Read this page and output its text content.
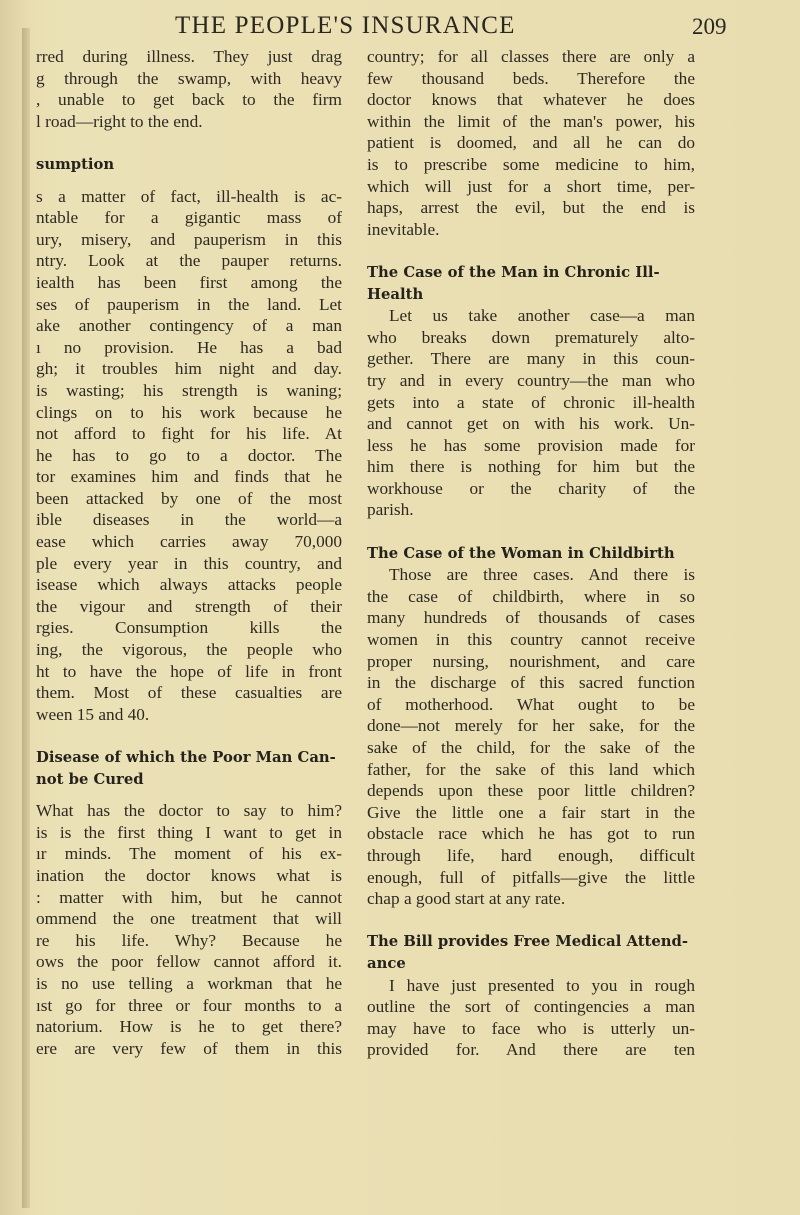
THE PEOPLE'S INSURANCE	209
rred during illness. They just drag
g through the swamp, with heavy
, unable to get back to the firm
l road—right to the end.
sumption
s a matter of fact, ill-health is ac-
ntable for a gigantic mass of
ury, misery, and pauperism in this
ntry. Look at the pauper returns.
iealth has been first among the
ses of pauperism in the land. Let
ake another contingency of a man
ı no provision. He has a bad
gh; it troubles him night and day.
is wasting; his strength is waning;
clings on to his work because he
not afford to fight for his life. At
he has to go to a doctor. The
tor examines him and finds that he
been attacked by one of the most
ible diseases in the world—a
ease which carries away 70,000
ple every year in this country, and
isease which always attacks people
the vigour and strength of their
rgies. Consumption kills the
ing, the vigorous, the people who
ht to have the hope of life in front
them. Most of these casualties are
ween 15 and 40.
Disease of which the Poor Man Can-
not be Cured
What has the doctor to say to him?
is is the first thing I want to get in
ır minds. The moment of his ex-
ination the doctor knows what is
: matter with him, but he cannot
ommend the one treatment that will
re his life. Why? Because he
ows the poor fellow cannot afford it.
is no use telling a workman that he
ıst go for three or four months to a
natorium. How is he to get there?
ere are very few of them in this
country; for all classes there are only a
few thousand beds. Therefore the
doctor knows that whatever he does
within the limit of the man's power, his
patient is doomed, and all he can do
is to prescribe some medicine to him,
which will just for a short time, per-
haps, arrest the evil, but the end is
inevitable.
The Case of the Man in Chronic Ill-
Health
Let us take another case—a man
who breaks down prematurely alto-
gether. There are many in this coun-
try and in every country—the man who
gets into a state of chronic ill-health
and cannot get on with his work. Un-
less he has some provision made for
him there is nothing for him but the
workhouse or the charity of the
parish.
The Case of the Woman in Childbirth
Those are three cases. And there is
the case of childbirth, where in so
many hundreds of thousands of cases
women in this country cannot receive
proper nursing, nourishment, and care
in the discharge of this sacred function
of motherhood. What ought to be
done—not merely for her sake, for the
sake of the child, for the sake of the
father, for the sake of this land which
depends upon these poor little children?
Give the little one a fair start in the
obstacle race which he has got to run
through life, hard enough, difficult
enough, full of pitfalls—give the little
chap a good start at any rate.
The Bill provides Free Medical Attend-
ance
I have just presented to you in rough
outline the sort of contingencies a man
may have to face who is utterly un-
provided for. And there are ten
